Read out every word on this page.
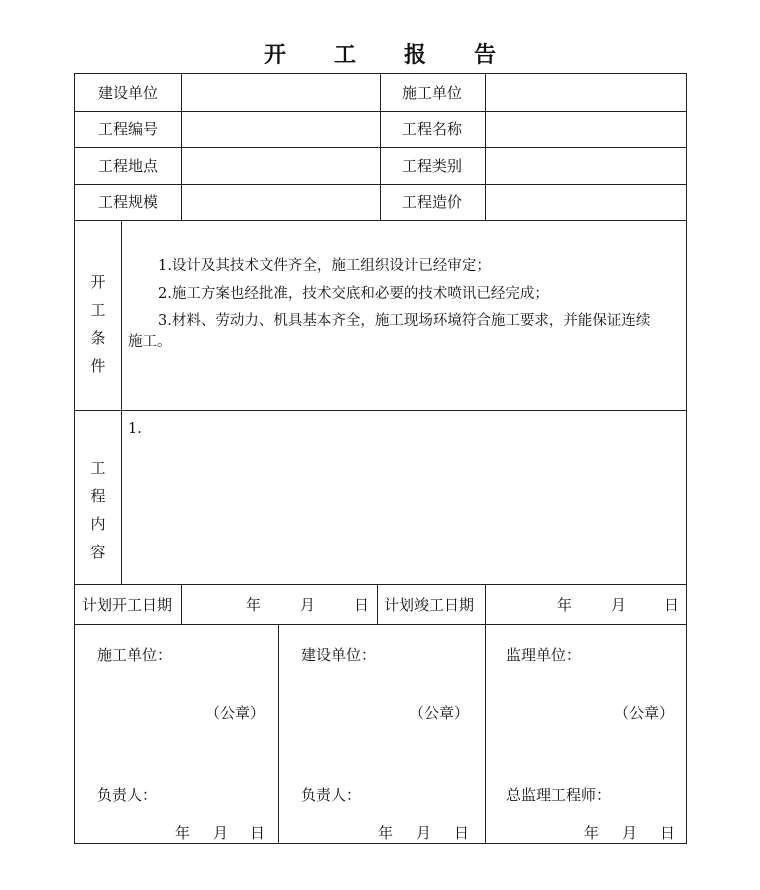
开 工 报 告
建设单位	施工单位
工程编号	工程名称
工程地点	工程类别
工程规模	工程造价
开
工
条
件
1.设计及其技术文件齐全，施工组织设计已经审定；
2.施工方案也经批准，技术交底和必要的技术喷讯已经完成；
3.材料、劳动力、机具基本齐全，施工现场环境符合施工要求，并能保证连续
施工。
工
程
内
容
1.
计划开工日期	年	月	日 计划竣工日期	年	月	日
施工单位：
（公章）
负责人：
年 月 日
建设单位：
（公章）
负责人：
年 月 日
监理单位：
（公章）
总监理工程师：
年 月 日
